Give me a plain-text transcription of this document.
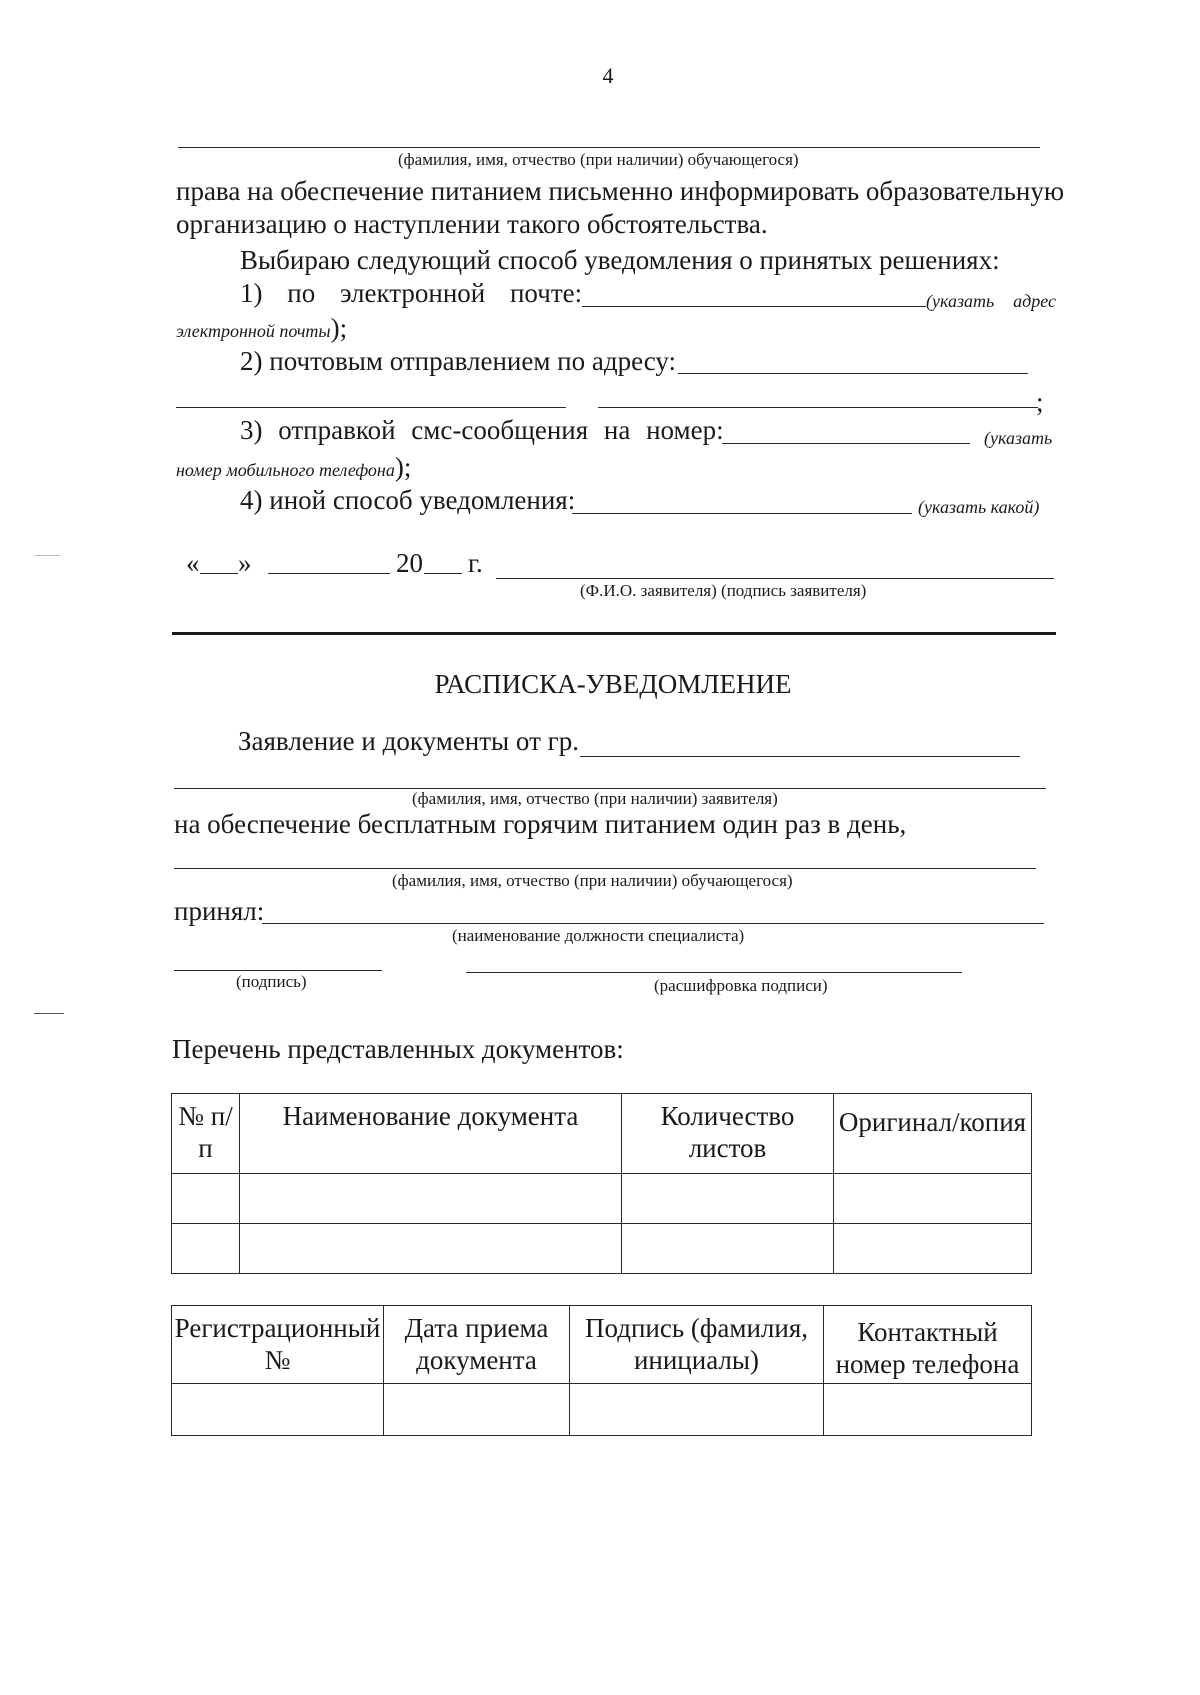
4
(фамилия, имя, отчество (при наличии) обучающегося)
права на обеспечение питанием письменно информировать образовательную
организацию о наступлении такого обстоятельства.
Выбираю следующий способ уведомления о принятых решениях:
1) по электронной почте:	(указать адрес
электронной почты);
2) почтовым отправлением по адресу:
;
3) отправкой смс-сообщения на номер:	(указать
номер мобильного телефона);
4) иной способ уведомления:	(указать какой)
« »	20 г.
(Ф.И.О. заявителя) (подпись заявителя)
РАСПИСКА-УВЕДОМЛЕНИЕ
Заявление и документы от гр.
(фамилия, имя, отчество (при наличии) заявителя)
на обеспечение бесплатным горячим питанием один раз в день,
(фамилия, имя, отчество (при наличии) обучающегося)
принял:
(наименование должности специалиста)
(подпись)	(расшифровка подписи)
Перечень представленных документов:
№ п/п	Наименование документа	Количество листов	Оригинал/копия

Регистрационный №	Дата приема документа	Подпись (фамилия, инициалы)	Контактный номер телефона
